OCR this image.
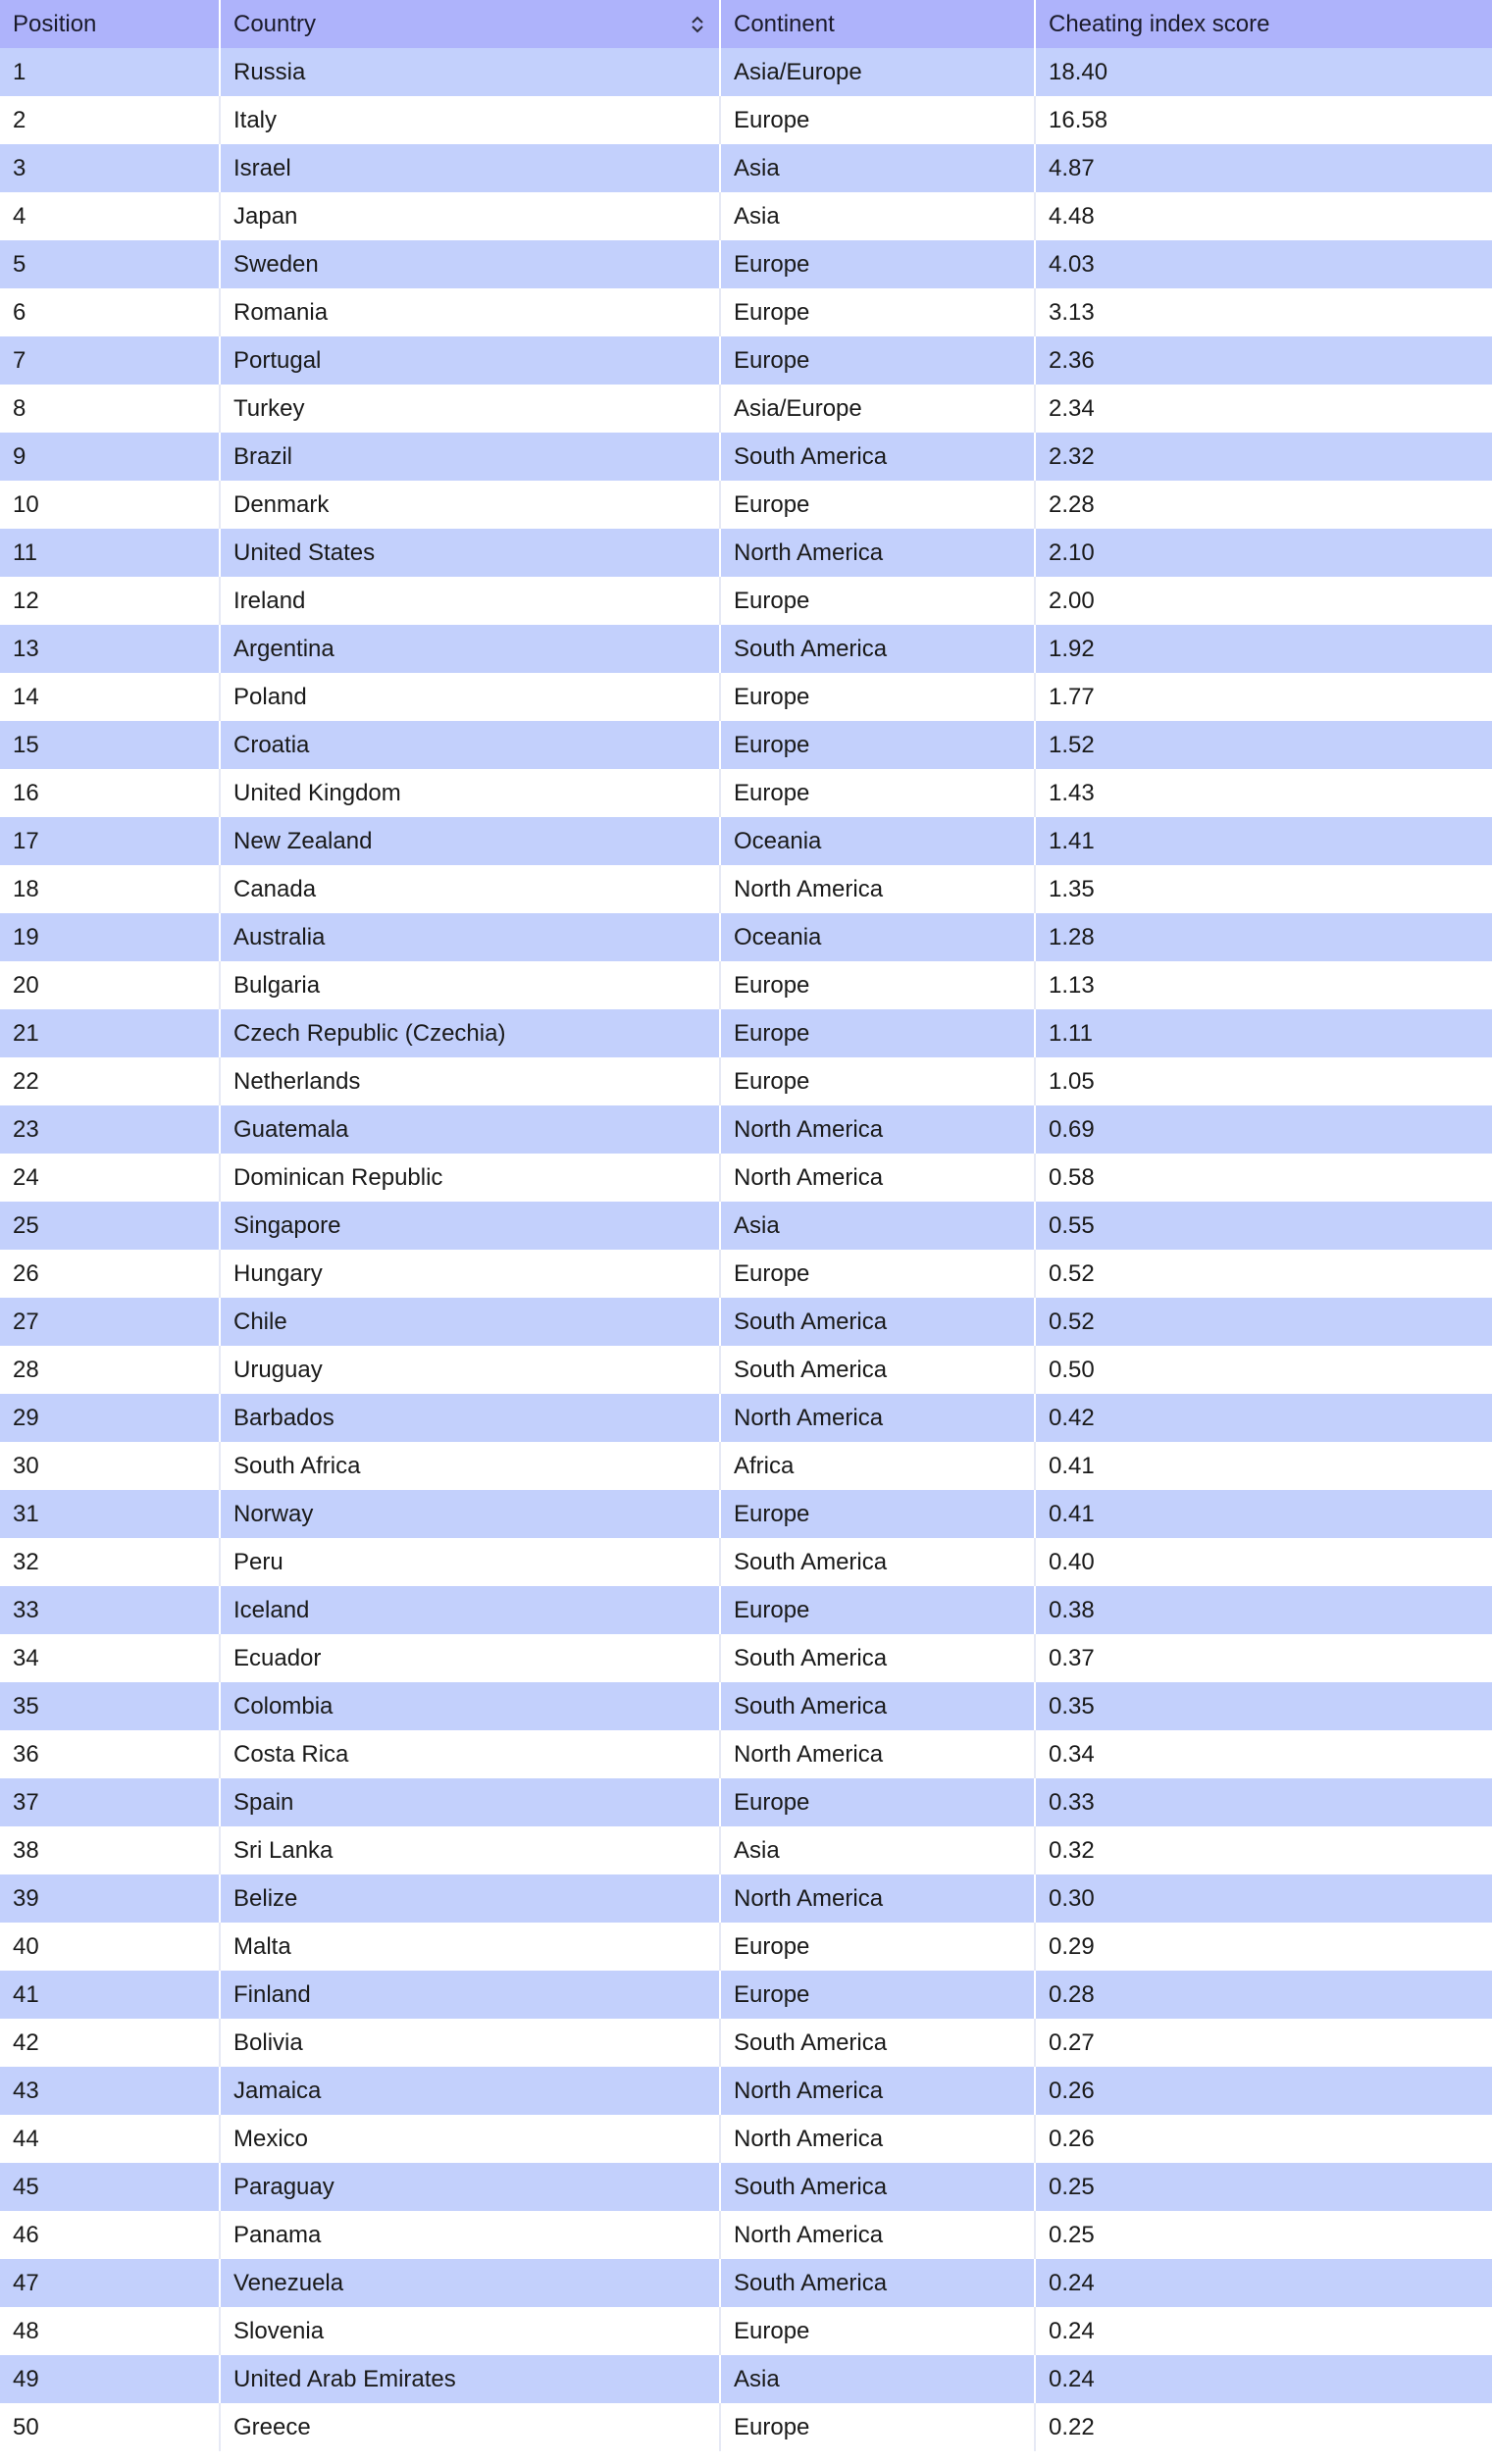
Position	Country	Continent	Cheating index score
1	Russia	Asia/Europe	18.40
2	Italy	Europe	16.58
3	Israel	Asia	4.87
4	Japan	Asia	4.48
5	Sweden	Europe	4.03
6	Romania	Europe	3.13
7	Portugal	Europe	2.36
8	Turkey	Asia/Europe	2.34
9	Brazil	South America	2.32
10	Denmark	Europe	2.28
11	United States	North America	2.10
12	Ireland	Europe	2.00
13	Argentina	South America	1.92
14	Poland	Europe	1.77
15	Croatia	Europe	1.52
16	United Kingdom	Europe	1.43
17	New Zealand	Oceania	1.41
18	Canada	North America	1.35
19	Australia	Oceania	1.28
20	Bulgaria	Europe	1.13
21	Czech Republic (Czechia)	Europe	1.11
22	Netherlands	Europe	1.05
23	Guatemala	North America	0.69
24	Dominican Republic	North America	0.58
25	Singapore	Asia	0.55
26	Hungary	Europe	0.52
27	Chile	South America	0.52
28	Uruguay	South America	0.50
29	Barbados	North America	0.42
30	South Africa	Africa	0.41
31	Norway	Europe	0.41
32	Peru	South America	0.40
33	Iceland	Europe	0.38
34	Ecuador	South America	0.37
35	Colombia	South America	0.35
36	Costa Rica	North America	0.34
37	Spain	Europe	0.33
38	Sri Lanka	Asia	0.32
39	Belize	North America	0.30
40	Malta	Europe	0.29
41	Finland	Europe	0.28
42	Bolivia	South America	0.27
43	Jamaica	North America	0.26
44	Mexico	North America	0.26
45	Paraguay	South America	0.25
46	Panama	North America	0.25
47	Venezuela	South America	0.24
48	Slovenia	Europe	0.24
49	United Arab Emirates	Asia	0.24
50	Greece	Europe	0.22
